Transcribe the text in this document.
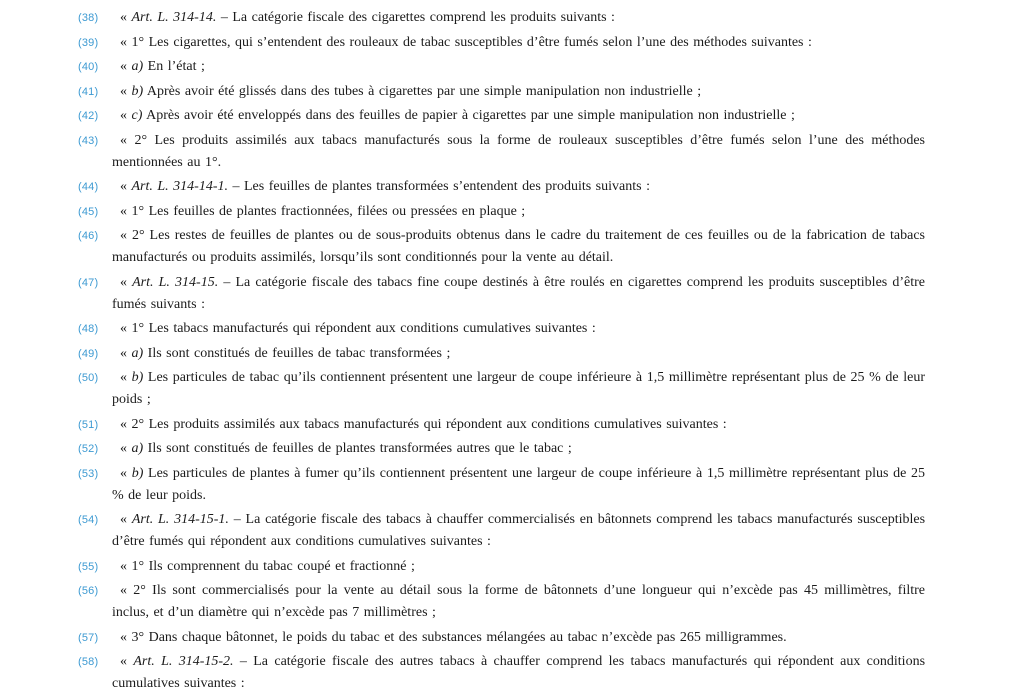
(38)	« Art. L. 314-14. – La catégorie fiscale des cigarettes comprend les produits suivants :
(39)	« 1° Les cigarettes, qui s’entendent des rouleaux de tabac susceptibles d’être fumés selon l’une des méthodes suivantes :
(40)	« a) En l’état ;
(41)	« b) Après avoir été glissés dans des tubes à cigarettes par une simple manipulation non industrielle ;
(42)	« c) Après avoir été enveloppés dans des feuilles de papier à cigarettes par une simple manipulation non industrielle ;
(43)	« 2° Les produits assimilés aux tabacs manufacturés sous la forme de rouleaux susceptibles d’être fumés selon l’une des méthodes mentionnées au 1°.
(44)	« Art. L. 314-14-1. – Les feuilles de plantes transformées s’entendent des produits suivants :
(45)	« 1° Les feuilles de plantes fractionnées, filées ou pressées en plaque ;
(46)	« 2° Les restes de feuilles de plantes ou de sous-produits obtenus dans le cadre du traitement de ces feuilles ou de la fabrication de tabacs manufacturés ou produits assimilés, lorsqu’ils sont conditionnés pour la vente au détail.
(47)	« Art. L. 314-15. – La catégorie fiscale des tabacs fine coupe destinés à être roulés en cigarettes comprend les produits susceptibles d’être fumés suivants :
(48)	« 1° Les tabacs manufacturés qui répondent aux conditions cumulatives suivantes :
(49)	« a) Ils sont constitués de feuilles de tabac transformées ;
(50)	« b) Les particules de tabac qu’ils contiennent présentent une largeur de coupe inférieure à 1,5 millimètre représentant plus de 25 % de leur poids ;
(51)	« 2° Les produits assimilés aux tabacs manufacturés qui répondent aux conditions cumulatives suivantes :
(52)	« a) Ils sont constitués de feuilles de plantes transformées autres que le tabac ;
(53)	« b) Les particules de plantes à fumer qu’ils contiennent présentent une largeur de coupe inférieure à 1,5 millimètre représentant plus de 25 % de leur poids.
(54)	« Art. L. 314-15-1. – La catégorie fiscale des tabacs à chauffer commercialisés en bâtonnets comprend les tabacs manufacturés susceptibles d’être fumés qui répondent aux conditions cumulatives suivantes :
(55)	« 1° Ils comprennent du tabac coupé et fractionné ;
(56)	« 2° Ils sont commercialisés pour la vente au détail sous la forme de bâtonnets d’une longueur qui n’excède pas 45 millimètres, filtre inclus, et d’un diamètre qui n’excède pas 7 millimètres ;
(57)	« 3° Dans chaque bâtonnet, le poids du tabac et des substances mélangées au tabac n’excède pas 265 milligrammes.
(58)	« Art. L. 314-15-2. – La catégorie fiscale des autres tabacs à chauffer comprend les tabacs manufacturés qui répondent aux conditions cumulatives suivantes :
